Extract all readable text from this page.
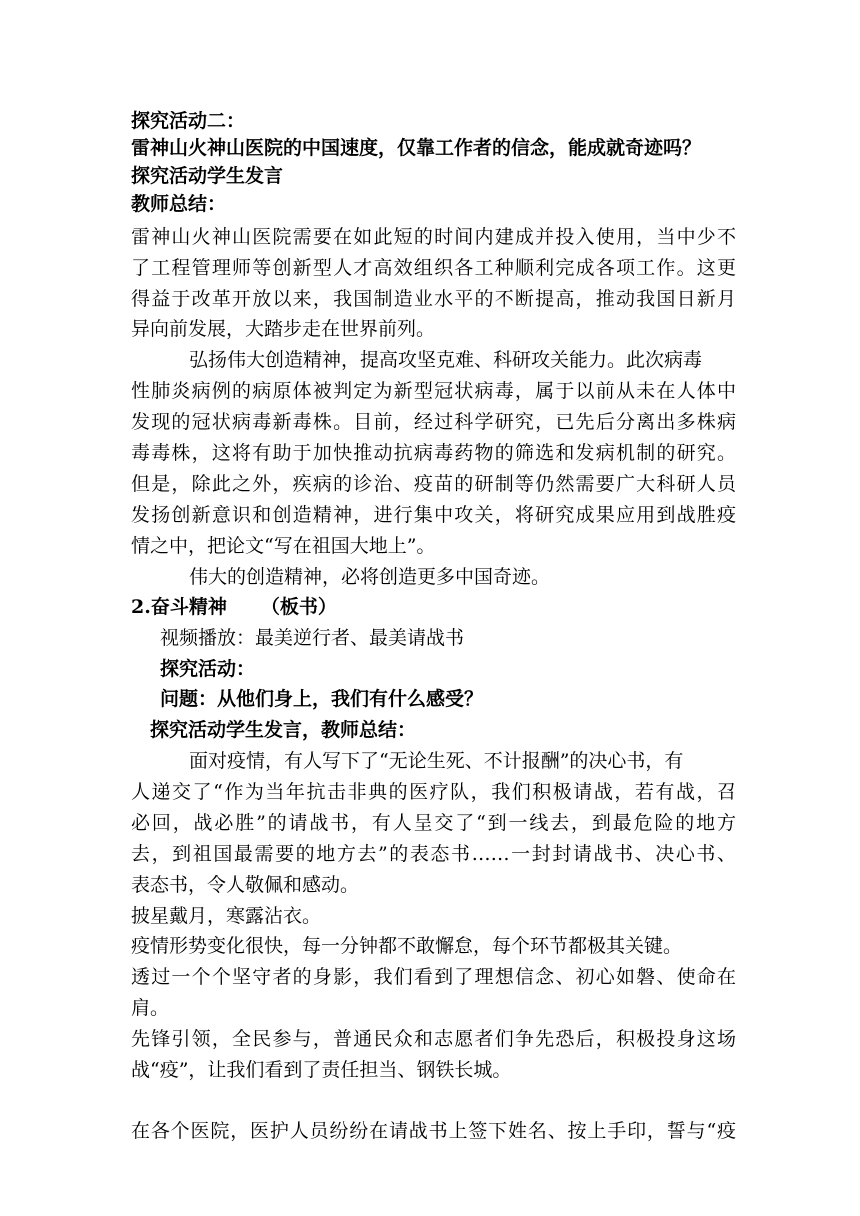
探究活动二：
雷神山火神山医院的中国速度，仅靠工作者的信念，能成就奇迹吗？
探究活动学生发言
教师总结：
雷神山火神山医院需要在如此短的时间内建成并投入使用，当中少不
了工程管理师等创新型人才高效组织各工种顺利完成各项工作。这更
得益于改革开放以来，我国制造业水平的不断提高，推动我国日新月
异向前发展，大踏步走在世界前列。
弘扬伟大创造精神，提高攻坚克难、科研攻关能力。此次病毒
性肺炎病例的病原体被判定为新型冠状病毒，属于以前从未在人体中
发现的冠状病毒新毒株。目前，经过科学研究，已先后分离出多株病
毒毒株，这将有助于加快推动抗病毒药物的筛选和发病机制的研究。
但是，除此之外，疾病的诊治、疫苗的研制等仍然需要广大科研人员
发扬创新意识和创造精神，进行集中攻关，将研究成果应用到战胜疫
情之中，把论文“写在祖国大地上”。
伟大的创造精神，必将创造更多中国奇迹。
2.奋斗精神 （板书）
视频播放：最美逆行者、最美请战书
探究活动：
问题：从他们身上，我们有什么感受？
探究活动学生发言，教师总结：
面对疫情，有人写下了“无论生死、不计报酬”的决心书，有
人递交了“作为当年抗击非典的医疗队，我们积极请战，若有战，召
必回，战必胜”的请战书，有人呈交了“到一线去，到最危险的地方
去，到祖国最需要的地方去”的表态书……一封封请战书、决心书、
表态书，令人敬佩和感动。
披星戴月，寒露沾衣。
疫情形势变化很快，每一分钟都不敢懈怠，每个环节都极其关键。
透过一个个坚守者的身影，我们看到了理想信念、初心如磐、使命在
肩。
先锋引领，全民参与，普通民众和志愿者们争先恐后，积极投身这场
战“疫”，让我们看到了责任担当、钢铁长城。
在各个医院，医护人员纷纷在请战书上签下姓名、按上手印，誓与“疫
